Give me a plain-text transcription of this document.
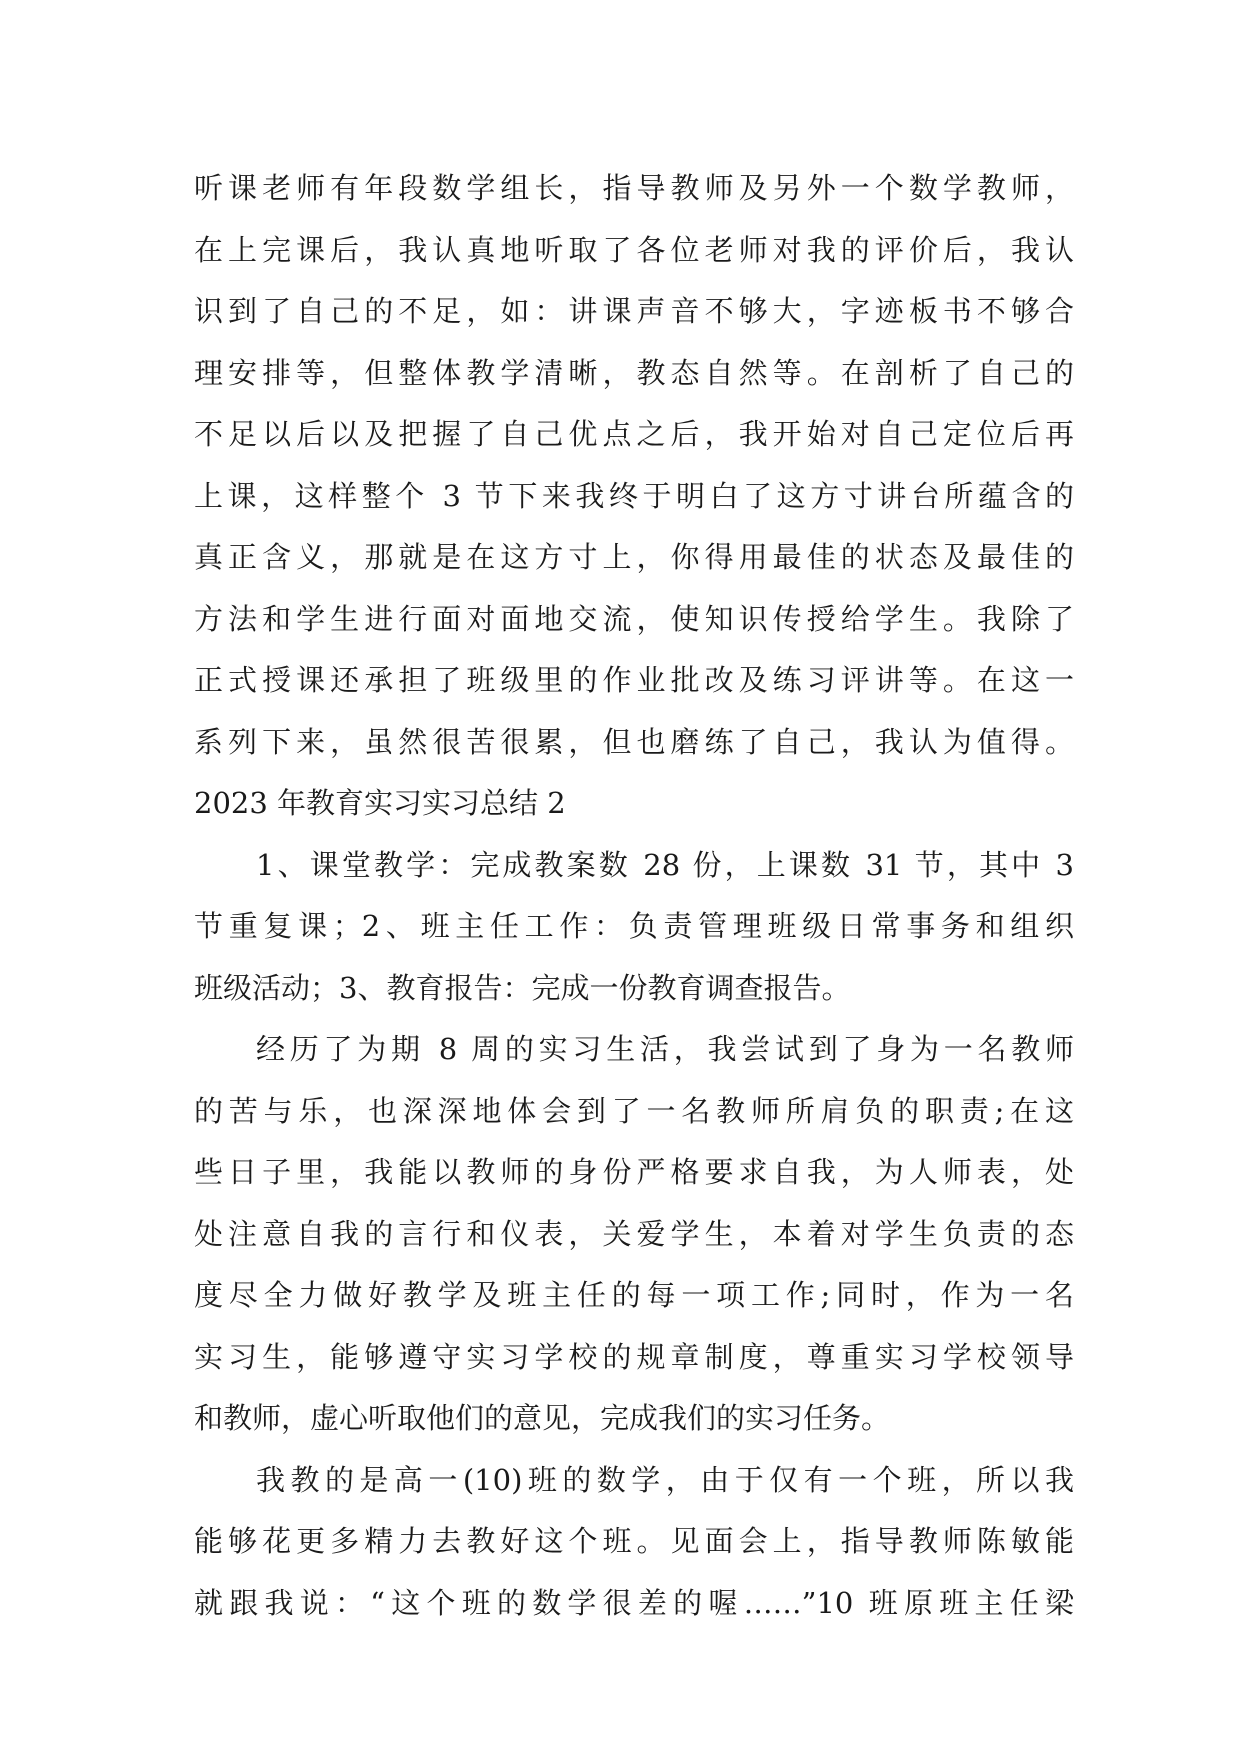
听课老师有年段数学组长，指导教师及另外一个数学教师，
在上完课后，我认真地听取了各位老师对我的评价后，我认
识到了自己的不足，如：讲课声音不够大，字迹板书不够合
理安排等，但整体教学清晰，教态自然等。在剖析了自己的
不足以后以及把握了自己优点之后，我开始对自己定位后再
上课，这样整个 3 节下来我终于明白了这方寸讲台所蕴含的
真正含义，那就是在这方寸上，你得用最佳的状态及最佳的
方法和学生进行面对面地交流，使知识传授给学生。我除了
正式授课还承担了班级里的作业批改及练习评讲等。在这一
系列下来，虽然很苦很累，但也磨练了自己，我认为值得。
2023 年教育实习实习总结 2
1、课堂教学：完成教案数 28 份，上课数 31 节，其中 3
节重复课；2、班主任工作：负责管理班级日常事务和组织
班级活动；3、教育报告：完成一份教育调查报告。
经历了为期 8 周的实习生活，我尝试到了身为一名教师
的苦与乐，也深深地体会到了一名教师所肩负的职责;在这
些日子里，我能以教师的身份严格要求自我，为人师表，处
处注意自我的言行和仪表，关爱学生，本着对学生负责的态
度尽全力做好教学及班主任的每一项工作;同时，作为一名
实习生，能够遵守实习学校的规章制度，尊重实习学校领导
和教师，虚心听取他们的意见，完成我们的实习任务。
我教的是高一(10)班的数学，由于仅有一个班，所以我
能够花更多精力去教好这个班。见面会上，指导教师陈敏能
就跟我说：“这个班的数学很差的喔……”10 班原班主任梁
